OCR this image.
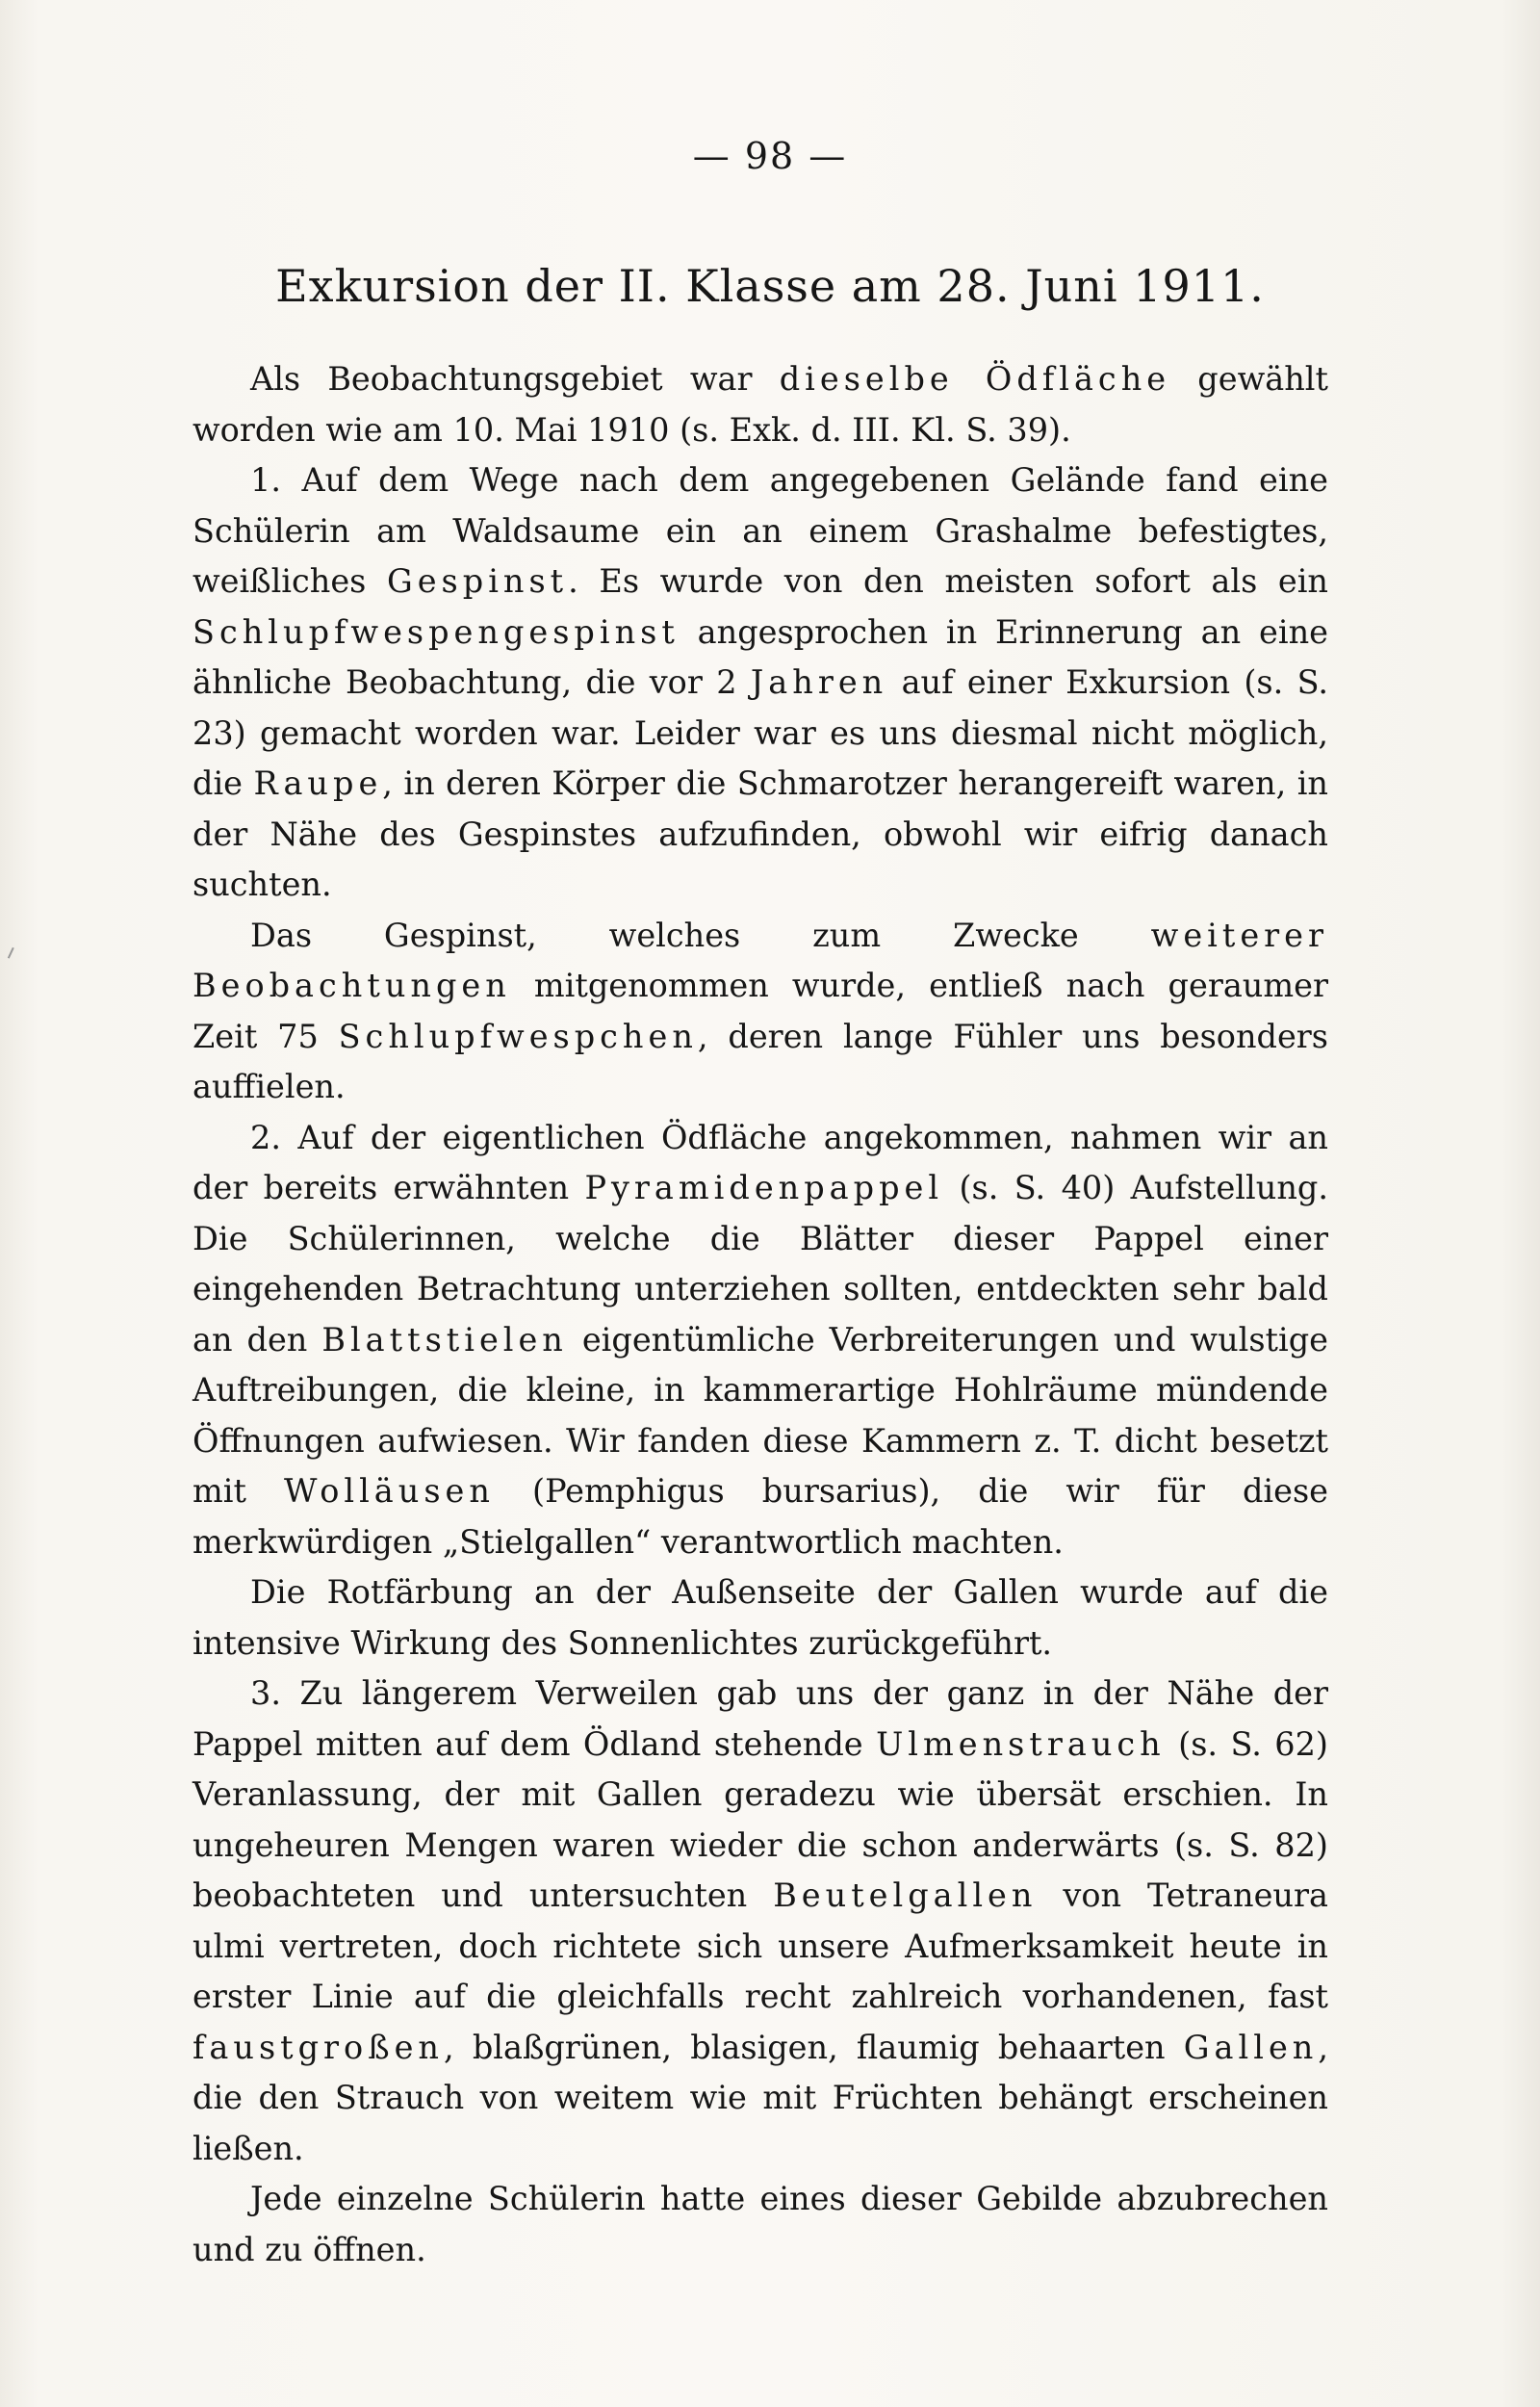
— 98 —
Exkursion der II. Klasse am 28. Juni 1911.

Als Beobachtungsgebiet war dieselbe Ödfläche gewählt worden wie am 10. Mai 1910 (s. Exk. d. III. Kl. S. 39).

1. Auf dem Wege nach dem angegebenen Gelände fand eine Schülerin am Waldsaume ein an einem Grashalme befestigtes, weißliches Gespinst. Es wurde von den meisten sofort als ein Schlupfwespengespinst angesprochen in Erinnerung an eine ähnliche Beobachtung, die vor 2 Jahren auf einer Exkursion (s. S. 23) gemacht worden war. Leider war es uns diesmal nicht möglich, die Raupe, in deren Körper die Schmarotzer herangereift waren, in der Nähe des Gespinstes aufzufinden, obwohl wir eifrig danach suchten.

Das Gespinst, welches zum Zwecke weiterer Beobachtungen mitgenommen wurde, entließ nach geraumer Zeit 75 Schlupfwespchen, deren lange Fühler uns besonders auffielen.

2. Auf der eigentlichen Ödfläche angekommen, nahmen wir an der bereits erwähnten Pyramidenpappel (s. S. 40) Aufstellung. Die Schülerinnen, welche die Blätter dieser Pappel einer eingehenden Betrachtung unterziehen sollten, entdeckten sehr bald an den Blattstielen eigentümliche Verbreiterungen und wulstige Auftreibungen, die kleine, in kammerartige Hohlräume mündende Öffnungen aufwiesen. Wir fanden diese Kammern z. T. dicht besetzt mit Wolläusen (Pemphigus bursarius), die wir für diese merkwürdigen „Stielgallen“ verantwortlich machten.

Die Rotfärbung an der Außenseite der Gallen wurde auf die intensive Wirkung des Sonnenlichtes zurückgeführt.

3. Zu längerem Verweilen gab uns der ganz in der Nähe der Pappel mitten auf dem Ödland stehende Ulmenstrauch (s. S. 62) Veranlassung, der mit Gallen geradezu wie übersät erschien. In ungeheuren Mengen waren wieder die schon anderwärts (s. S. 82) beobachteten und untersuchten Beutelgallen von Tetraneura ulmi vertreten, doch richtete sich unsere Aufmerksamkeit heute in erster Linie auf die gleichfalls recht zahlreich vorhandenen, fast faustgroßen, blaßgrünen, blasigen, flaumig behaarten Gallen, die den Strauch von weitem wie mit Früchten behängt erscheinen ließen.

Jede einzelne Schülerin hatte eines dieser Gebilde abzubrechen und zu öffnen.
